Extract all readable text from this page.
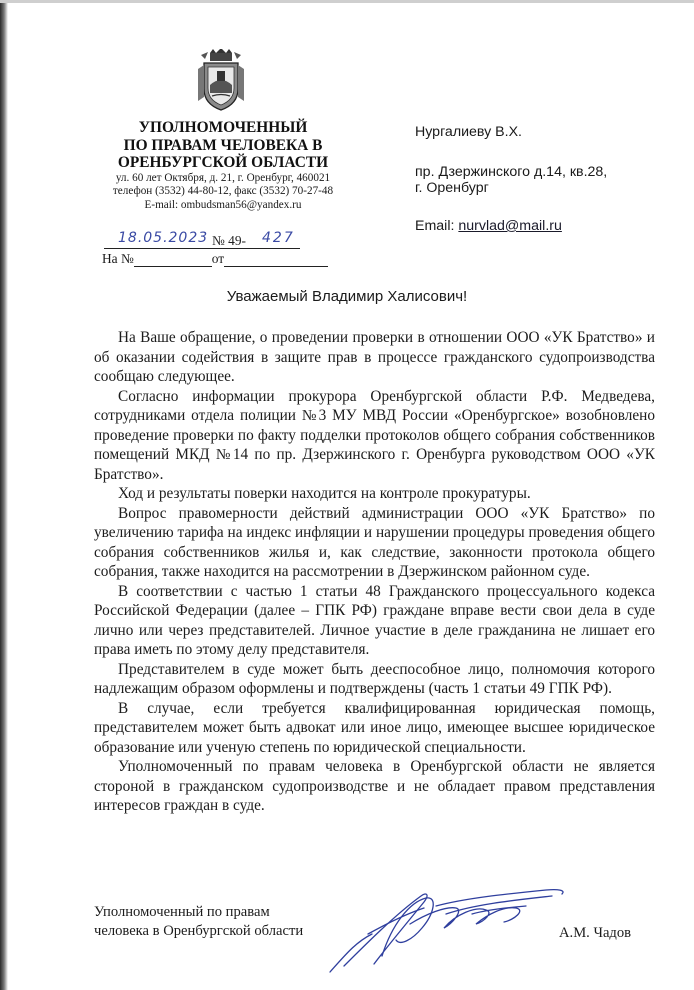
УПОЛНОМОЧЕННЫЙ
ПО ПРАВАМ ЧЕЛОВЕКА В
ОРЕНБУРГСКОЙ ОБЛАСТИ
ул. 60 лет Октября, д. 21, г. Оренбург, 460021
телефон (3532) 44-80-12, факс (3532) 70-27-48
E-mail: ombudsman56@yandex.ru
18.05.2023 № 49- 427
На №	от
Нургалиеву В.Х.
пр. Дзержинского д.14, кв.28,
г. Оренбург
Email: nurvlad@mail.ru
Уважаемый Владимир Халисович!

На Ваше обращение, о проведении проверки в отношении ООО «УК Братство» и об оказании содействия в защите прав в процессе гражданского судопроизводства сообщаю следующее.

Согласно информации прокурора Оренбургской области Р.Ф. Медведева, сотрудниками отдела полиции №3 МУ МВД России «Оренбургское» возобновлено проведение проверки по факту подделки протоколов общего собрания собственников помещений МКД №14 по пр. Дзержинского г. Оренбурга руководством ООО «УК Братство».

Ход и результаты поверки находится на контроле прокуратуры.

Вопрос правомерности действий администрации ООО «УК Братство» по увеличению тарифа на индекс инфляции и нарушении процедуры проведения общего собрания собственников жилья и, как следствие, законности протокола общего собрания, также находится на рассмотрении в Дзержинском районном суде.

В соответствии с частью 1 статьи 48 Гражданского процессуального кодекса Российской Федерации (далее – ГПК РФ) граждане вправе вести свои дела в суде лично или через представителей. Личное участие в деле гражданина не лишает его права иметь по этому делу представителя.

Представителем в суде может быть дееспособное лицо, полномочия которого надлежащим образом оформлены и подтверждены (часть 1 статьи 49 ГПК РФ).

В случае, если требуется квалифицированная юридическая помощь, представителем может быть адвокат или иное лицо, имеющее высшее юридическое образование или ученую степень по юридической специальности.

Уполномоченный по правам человека в Оренбургской области не является стороной в гражданском судопроизводстве и не обладает правом представления интересов граждан в суде.

Уполномоченный по правам
человека в Оренбургской области	А.М. Чадов
